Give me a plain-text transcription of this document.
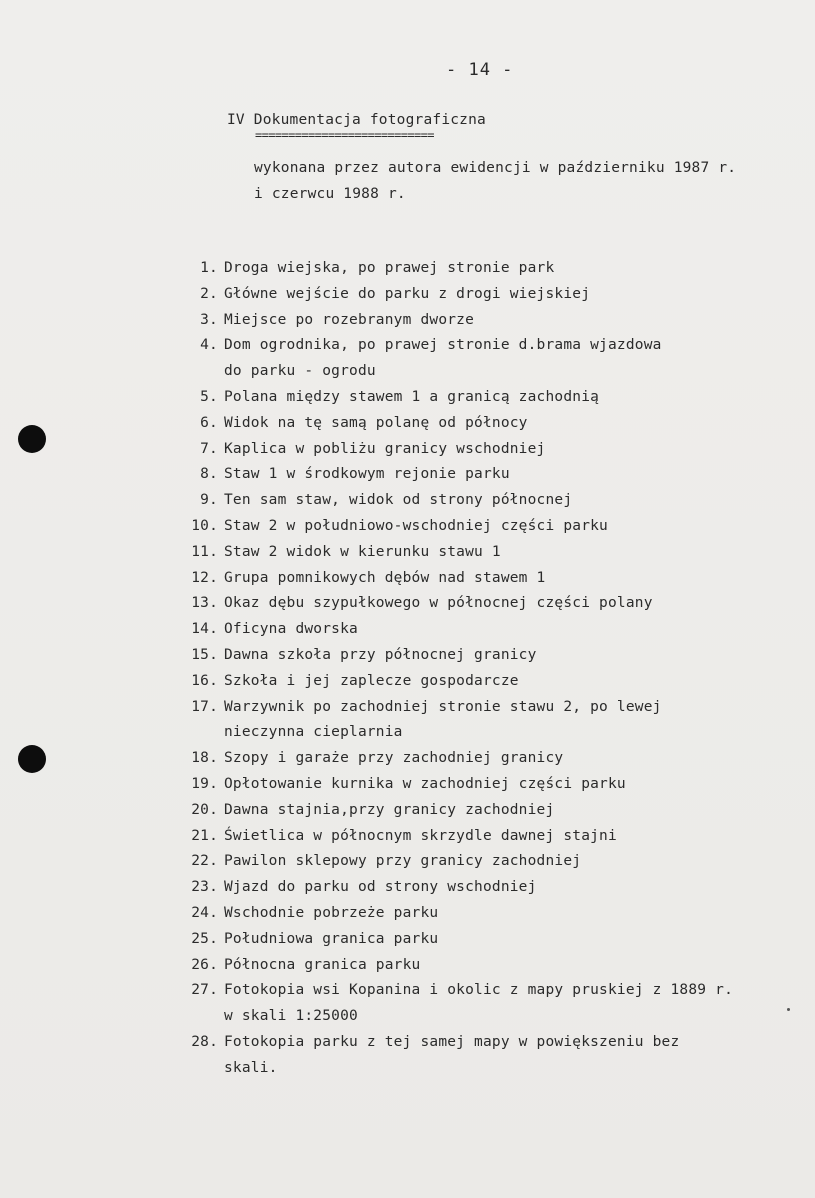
- 14 -
IV Dokumentacja fotograficzna
===========================
wykonana przez autora ewidencji w październiku 1987 r.
i czerwcu 1988 r.
1. Droga wiejska, po prawej stronie park
2. Główne wejście do parku z drogi wiejskiej
3. Miejsce po rozebranym dworze
4. Dom ogrodnika, po prawej stronie d.brama wjazdowa
do parku - ogrodu
5. Polana między stawem 1 a granicą zachodnią
6. Widok na tę samą polanę od północy
7. Kaplica w pobliżu granicy wschodniej
8. Staw 1 w środkowym rejonie parku
9. Ten sam staw, widok od strony północnej
10. Staw 2 w południowo-wschodniej części parku
11. Staw 2 widok w kierunku stawu 1
12. Grupa pomnikowych dębów nad stawem 1
13. Okaz dębu szypułkowego w północnej części polany
14. Oficyna dworska
15. Dawna szkoła przy północnej granicy
16. Szkoła i jej zaplecze gospodarcze
17. Warzywnik po zachodniej stronie stawu 2, po lewej
nieczynna cieplarnia
18. Szopy i garaże przy zachodniej granicy
19. Opłotowanie kurnika w zachodniej części parku
20. Dawna stajnia,przy granicy zachodniej
21. Świetlica w północnym skrzydle dawnej stajni
22. Pawilon sklepowy przy granicy zachodniej
23. Wjazd do parku od strony wschodniej
24. Wschodnie pobrzeże parku
25. Południowa granica parku
26. Północna granica parku
27. Fotokopia wsi Kopanina i okolic z mapy pruskiej z 1889 r.
w skali 1:25000
28. Fotokopia parku z tej samej mapy w powiększeniu bez
skali.
